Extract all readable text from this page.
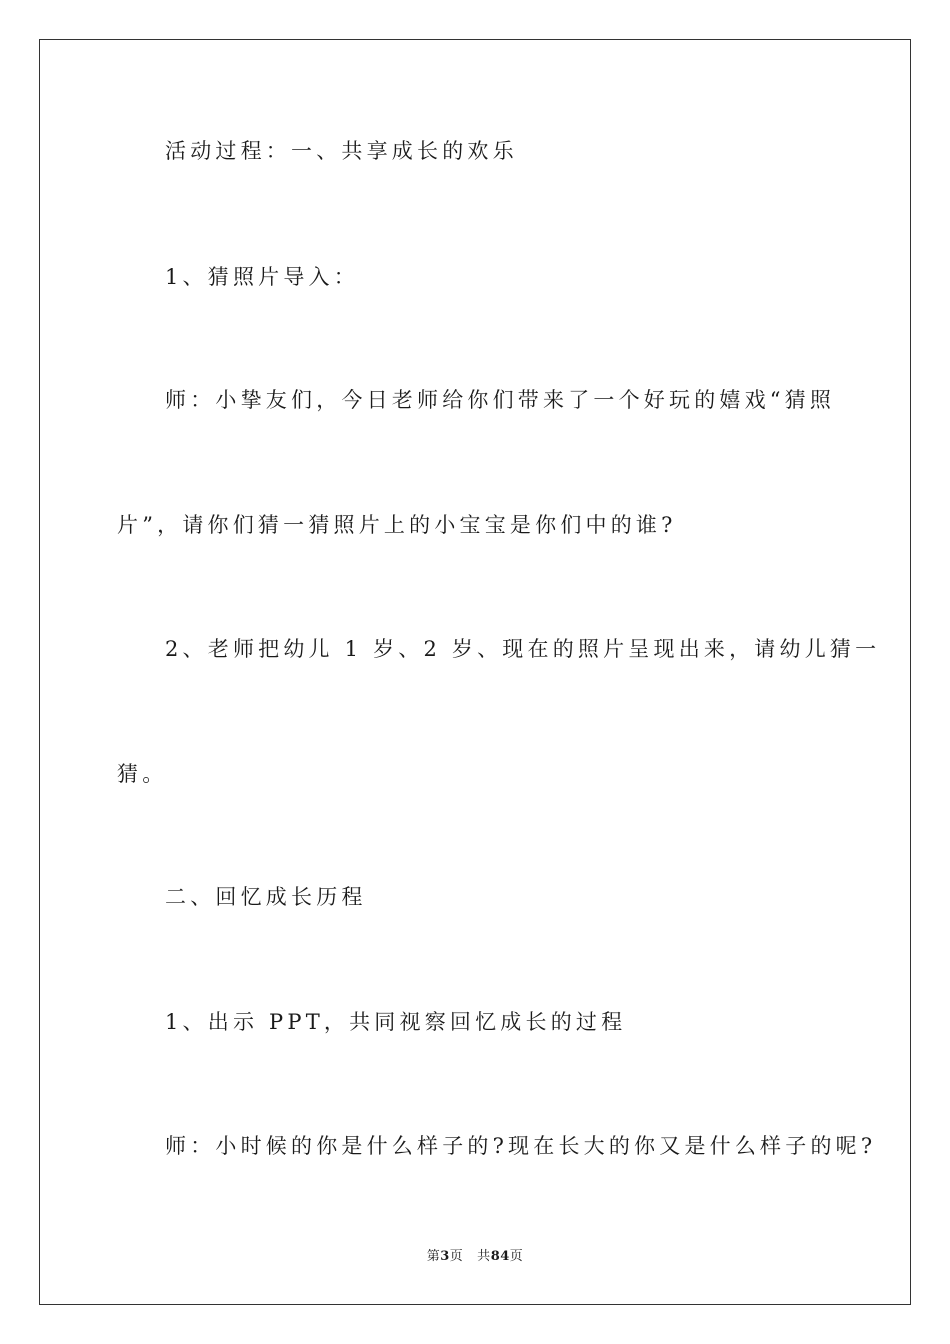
活动过程：一、共享成长的欢乐

1、猜照片导入：

师：小挚友们，今日老师给你们带来了一个好玩的嬉戏“猜照

片”，请你们猜一猜照片上的小宝宝是你们中的谁?

2、老师把幼儿 1 岁、2 岁、现在的照片呈现出来，请幼儿猜一

猜。

二、回忆成长历程

1、出示 PPT，共同视察回忆成长的过程

师：小时候的你是什么样子的?现在长大的你又是什么样子的呢?

第3页 共84页
